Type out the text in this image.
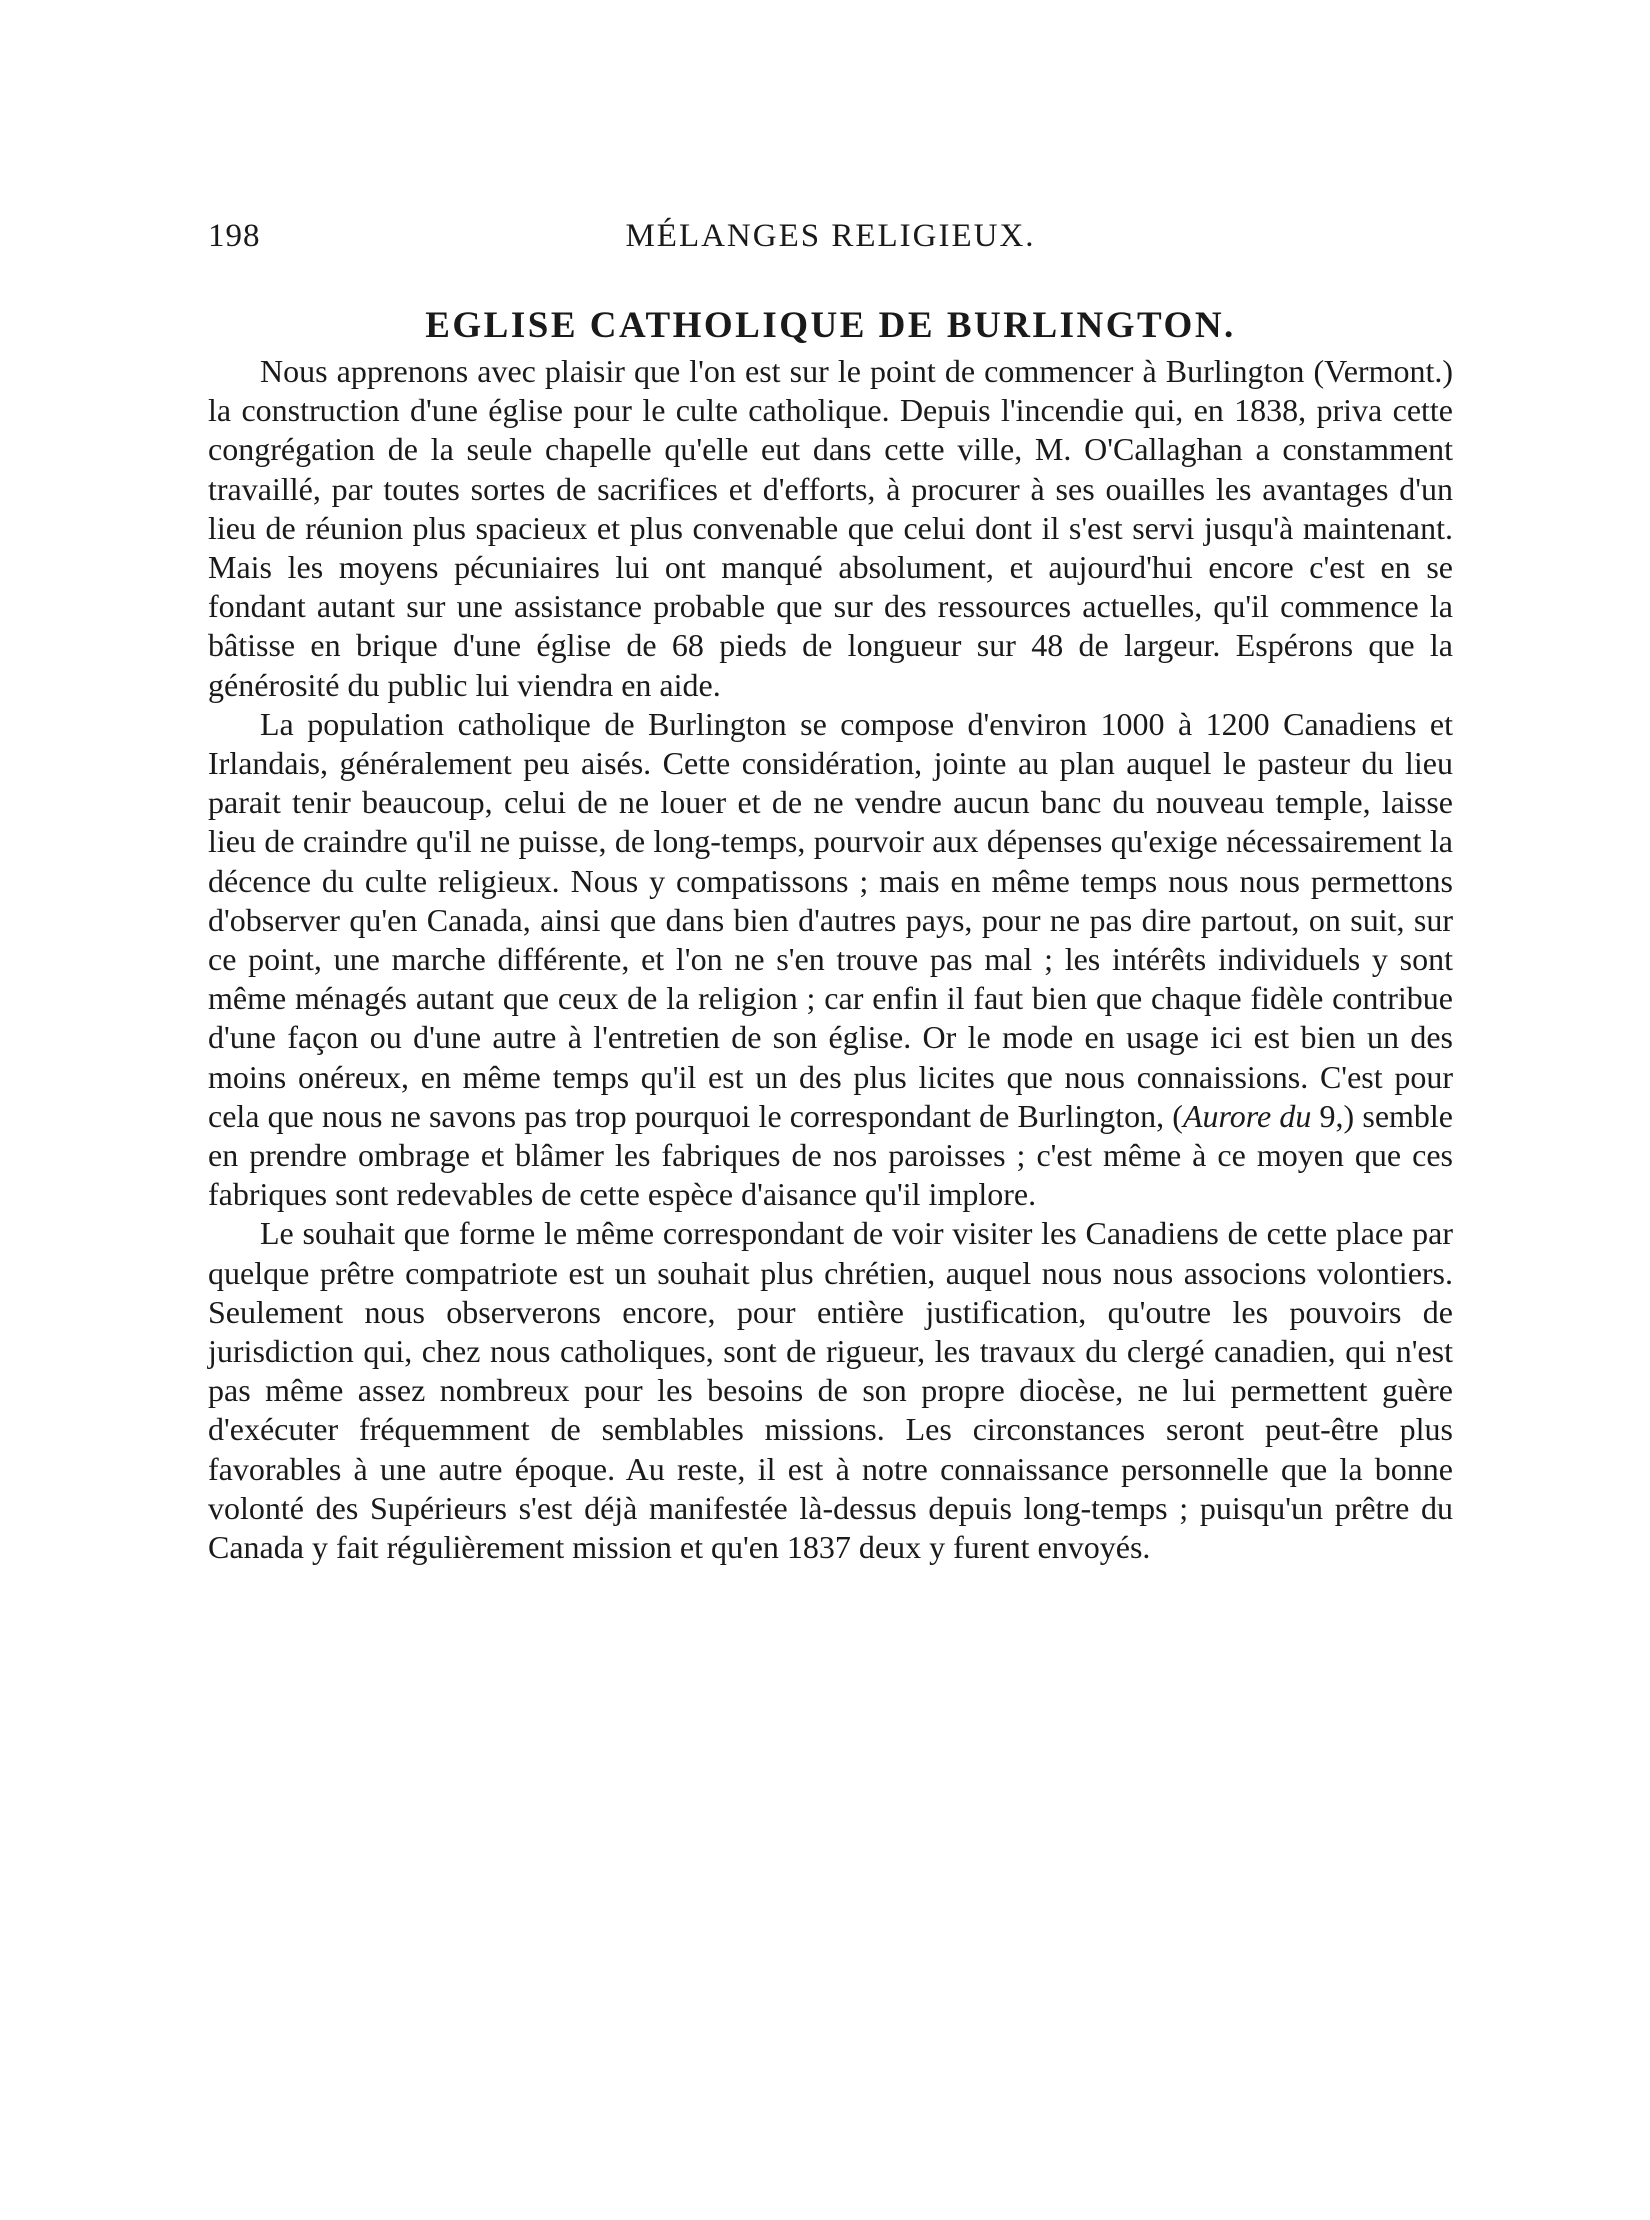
198	MÉLANGES RELIGIEUX.
EGLISE CATHOLIQUE DE BURLINGTON.

Nous apprenons avec plaisir que l'on est sur le point de commencer à Burlington (Vermont.) la construction d'une église pour le culte catholique. Depuis l'incendie qui, en 1838, priva cette congrégation de la seule chapelle qu'elle eut dans cette ville, M. O'Callaghan a constamment travaillé, par toutes sortes de sacrifices et d'efforts, à procurer à ses ouailles les avantages d'un lieu de réunion plus spacieux et plus convenable que celui dont il s'est servi jusqu'à maintenant. Mais les moyens pécuniaires lui ont manqué absolument, et aujourd'hui encore c'est en se fondant autant sur une assistance probable que sur des ressources actuelles, qu'il commence la bâtisse en brique d'une église de 68 pieds de longueur sur 48 de largeur. Espérons que la générosité du public lui viendra en aide.

La population catholique de Burlington se compose d'environ 1000 à 1200 Canadiens et Irlandais, généralement peu aisés. Cette considération, jointe au plan auquel le pasteur du lieu parait tenir beaucoup, celui de ne louer et de ne vendre aucun banc du nouveau temple, laisse lieu de craindre qu'il ne puisse, de long-temps, pourvoir aux dépenses qu'exige nécessairement la décence du culte religieux. Nous y compatissons ; mais en même temps nous nous permettons d'observer qu'en Canada, ainsi que dans bien d'autres pays, pour ne pas dire partout, on suit, sur ce point, une marche différente, et l'on ne s'en trouve pas mal ; les intérêts individuels y sont même ménagés autant que ceux de la religion ; car enfin il faut bien que chaque fidèle contribue d'une façon ou d'une autre à l'entretien de son église. Or le mode en usage ici est bien un des moins onéreux, en même temps qu'il est un des plus licites que nous connaissions. C'est pour cela que nous ne savons pas trop pourquoi le correspondant de Burlington, (Aurore du 9,) semble en prendre ombrage et blâmer les fabriques de nos paroisses ; c'est même à ce moyen que ces fabriques sont redevables de cette espèce d'aisance qu'il implore.

Le souhait que forme le même correspondant de voir visiter les Canadiens de cette place par quelque prêtre compatriote est un souhait plus chrétien, auquel nous nous associons volontiers. Seulement nous observerons encore, pour entière justification, qu'outre les pouvoirs de jurisdiction qui, chez nous catholiques, sont de rigueur, les travaux du clergé canadien, qui n'est pas même assez nombreux pour les besoins de son propre diocèse, ne lui permettent guère d'exécuter fréquemment de semblables missions. Les circonstances seront peut-être plus favorables à une autre époque. Au reste, il est à notre connaissance personnelle que la bonne volonté des Supérieurs s'est déjà manifestée là-dessus depuis long-temps ; puisqu'un prêtre du Canada y fait régulièrement mission et qu'en 1837 deux y furent envoyés.
